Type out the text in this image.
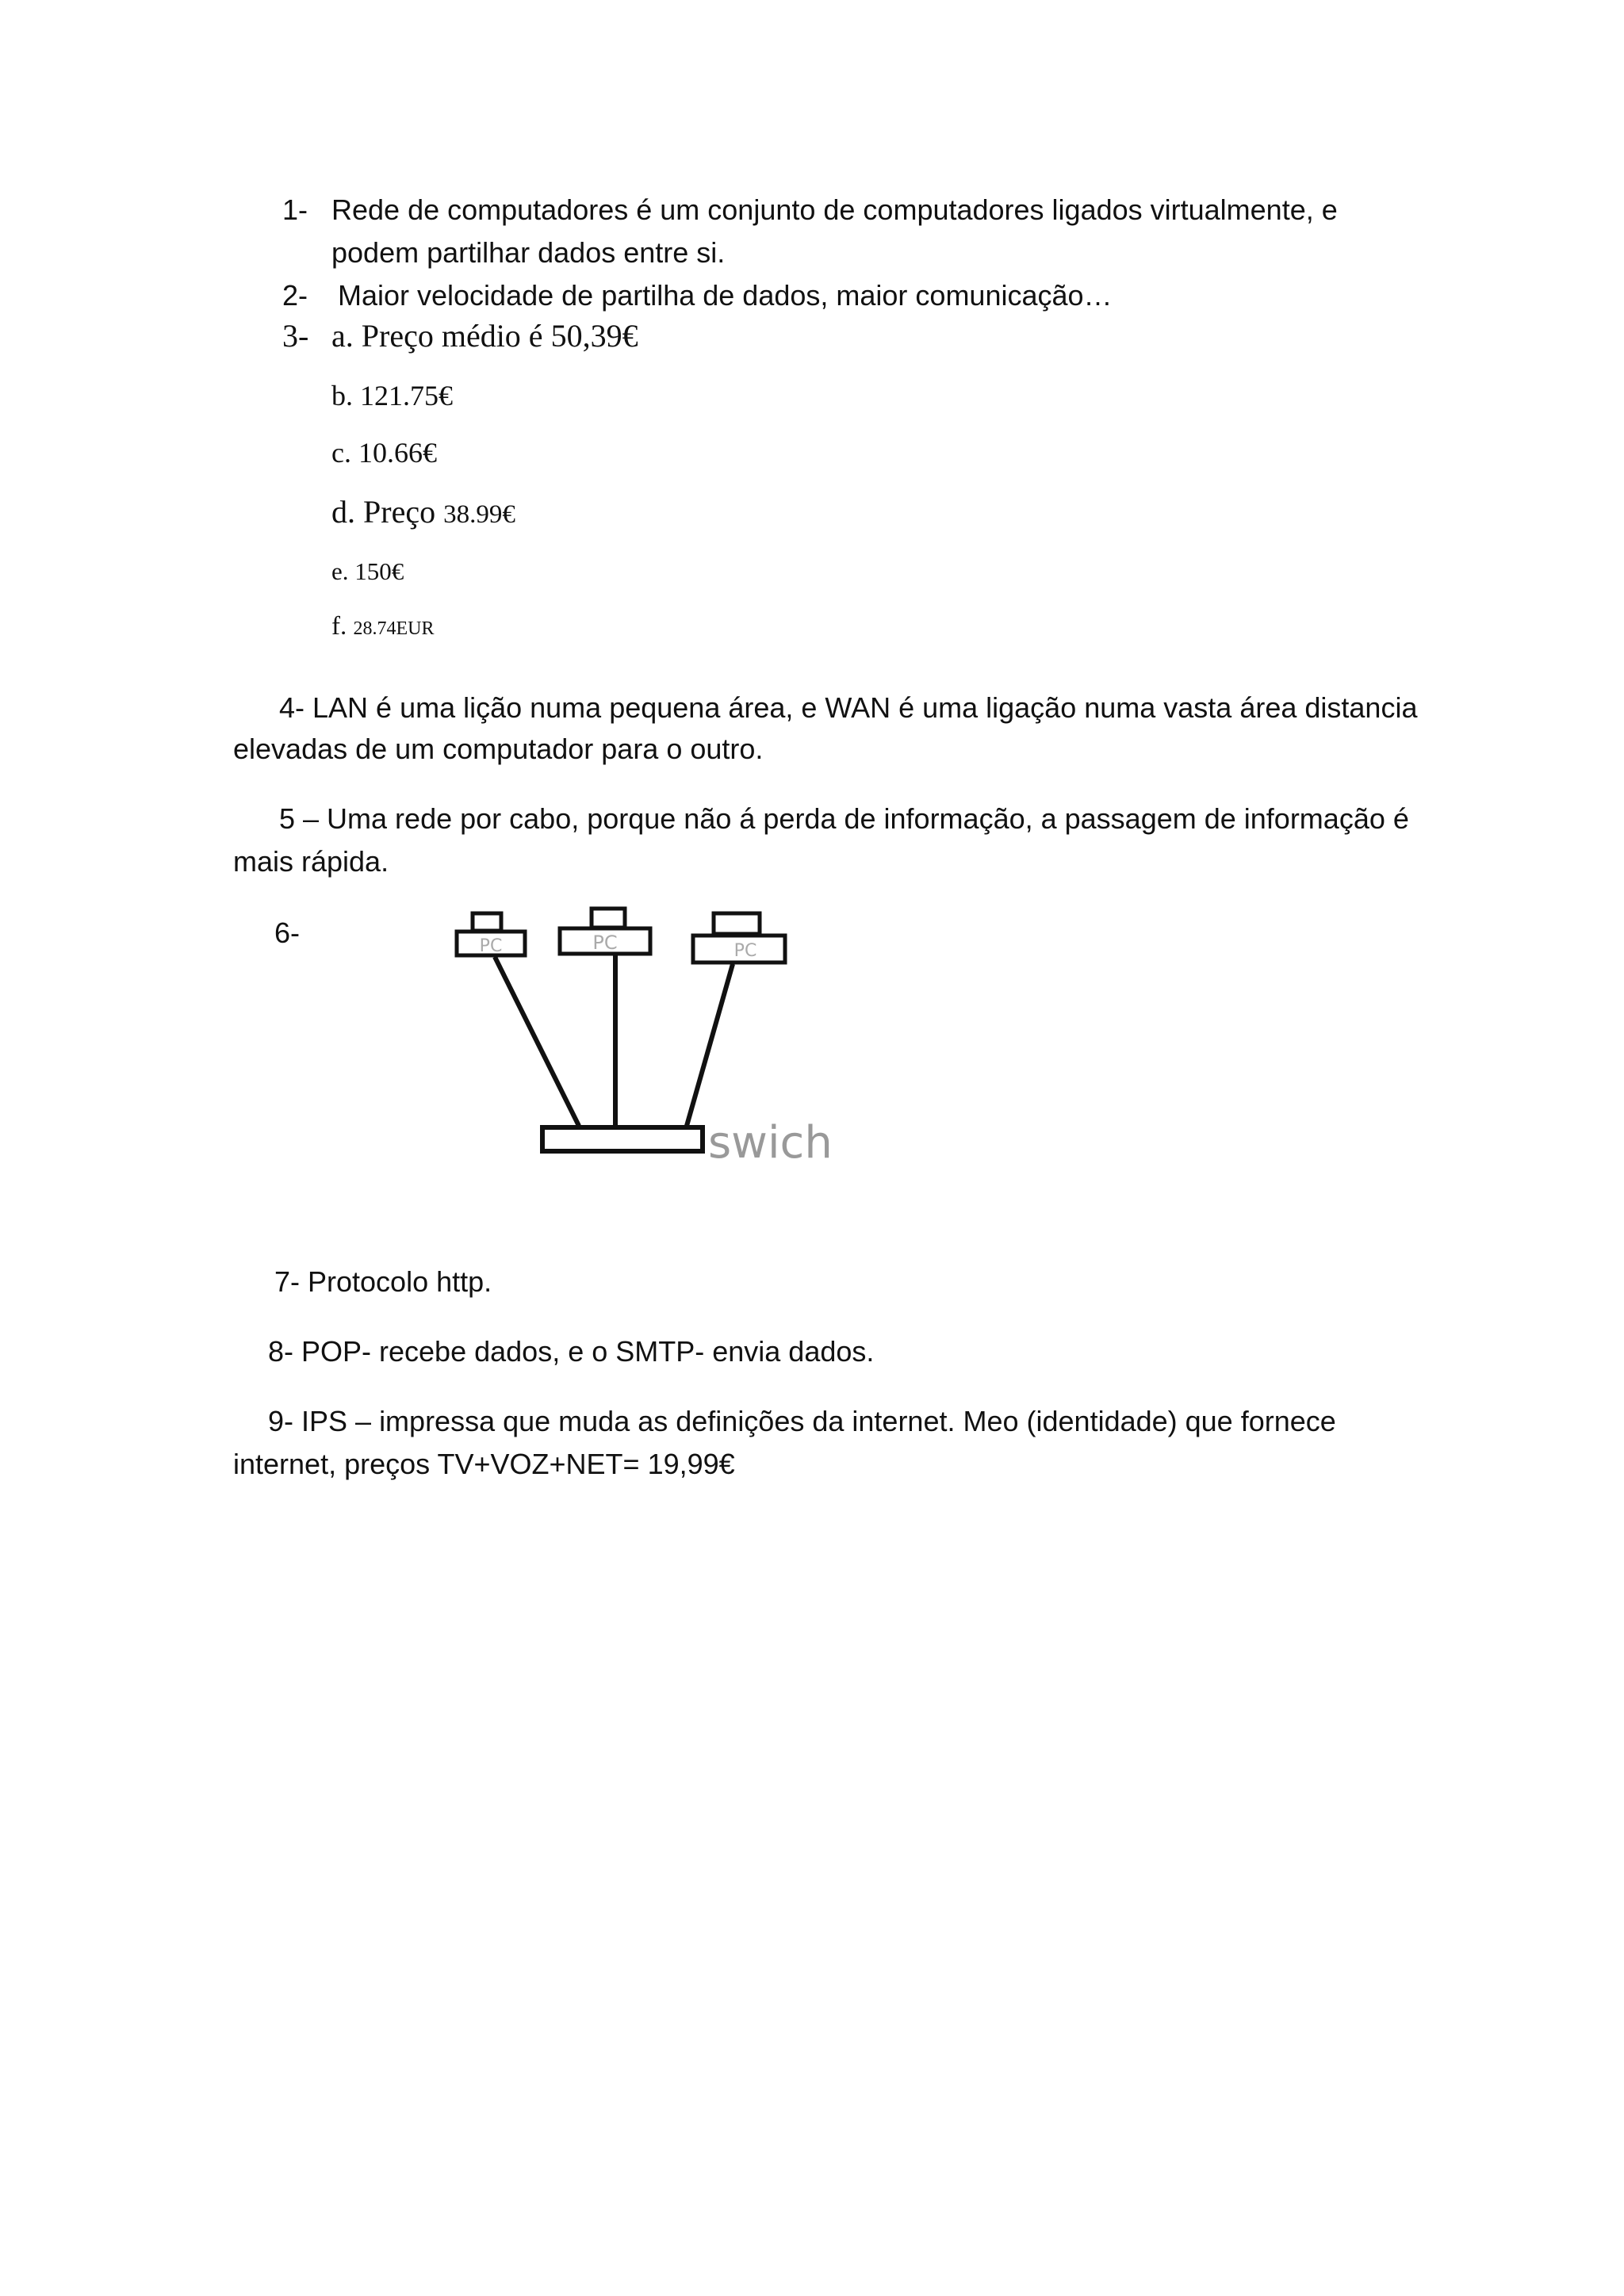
1- Rede de computadores é um conjunto de computadores ligados virtualmente, e
podem partilhar dados entre si.
2- Maior velocidade de partilha de dados, maior comunicação…
3- a. Preço médio é 50,39€
b. 121.75€
c. 10.66€
d. Preço 38.99€
e. 150€
f. 28.74EUR
4- LAN é uma lição numa pequena área, e WAN é uma ligação numa vasta área distancia
elevadas de um computador para o outro.
5 – Uma rede por cabo, porque não á perda de informação, a passagem de informação é
mais rápida.
6-	PC	PC	PC
swich
7- Protocolo http.
8- POP- recebe dados, e o SMTP- envia dados.
9- IPS – impressa que muda as definições da internet. Meo (identidade) que fornece
internet, preços TV+VOZ+NET= 19,99€
